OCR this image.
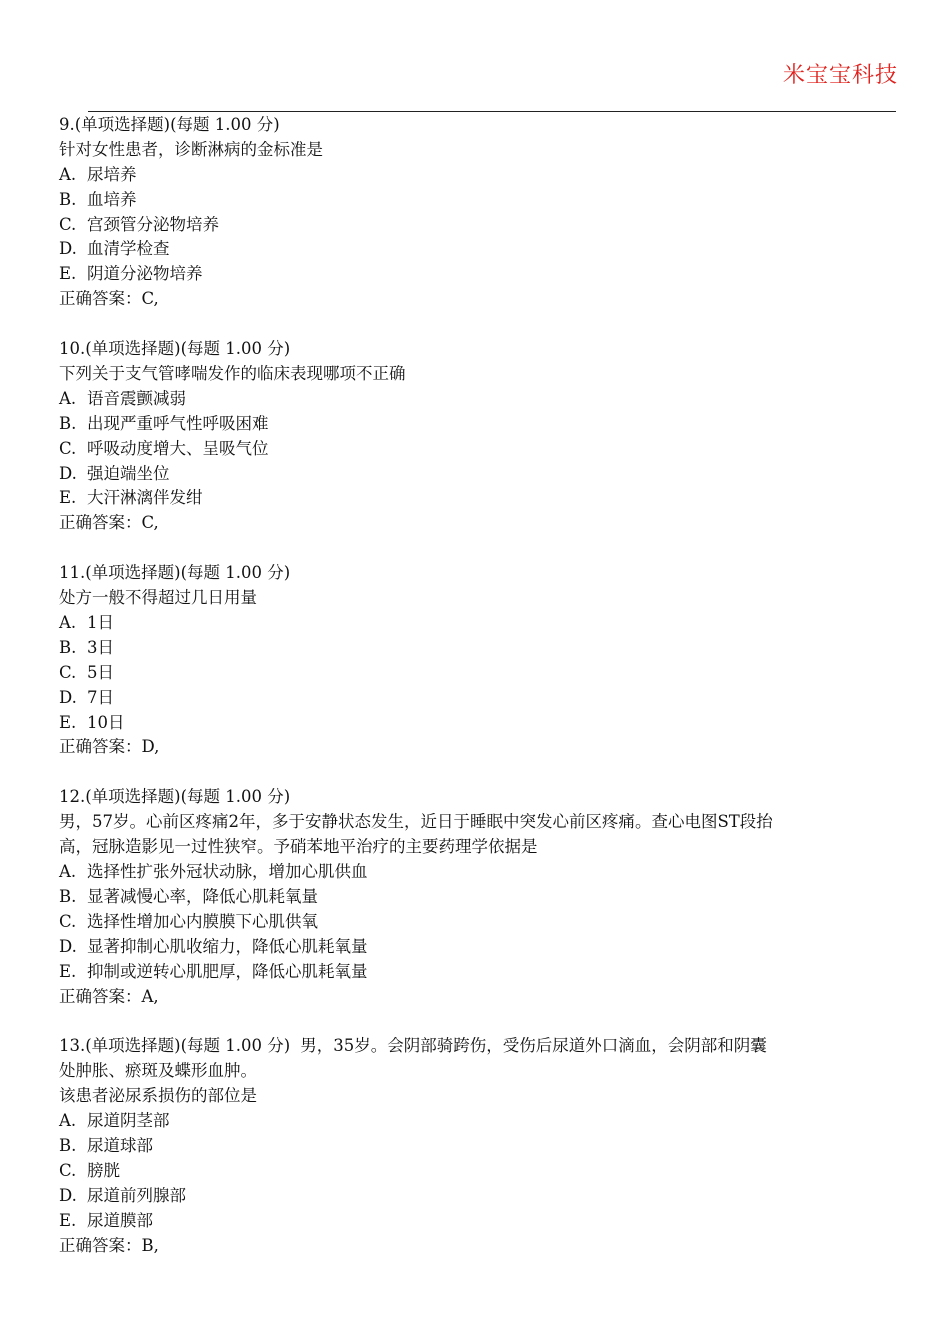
米宝宝科技
9.(单项选择题)(每题 1.00 分)
针对女性患者，诊断淋病的金标准是
A. 尿培养
B. 血培养
C. 宫颈管分泌物培养
D. 血清学检查
E. 阴道分泌物培养
正确答案：C,
10.(单项选择题)(每题 1.00 分)
下列关于支气管哮喘发作的临床表现哪项不正确
A. 语音震颤减弱
B. 出现严重呼气性呼吸困难
C. 呼吸动度增大、呈吸气位
D. 强迫端坐位
E. 大汗淋漓伴发绀
正确答案：C,
11.(单项选择题)(每题 1.00 分)
处方一般不得超过几日用量
A. 1日
B. 3日
C. 5日
D. 7日
E. 10日
正确答案：D,
12.(单项选择题)(每题 1.00 分)
男，57岁。心前区疼痛2年，多于安静状态发生，近日于睡眠中突发心前区疼痛。查心电图ST段抬
高，冠脉造影见一过性狭窄。予硝苯地平治疗的主要药理学依据是
A. 选择性扩张外冠状动脉，增加心肌供血
B. 显著减慢心率，降低心肌耗氧量
C. 选择性增加心内膜膜下心肌供氧
D. 显著抑制心肌收缩力，降低心肌耗氧量
E. 抑制或逆转心肌肥厚，降低心肌耗氧量
正确答案：A,
13.(单项选择题)(每题 1.00 分) 男，35岁。会阴部骑跨伤，受伤后尿道外口滴血，会阴部和阴囊
处肿胀、瘀斑及蝶形血肿。
该患者泌尿系损伤的部位是
A. 尿道阴茎部
B. 尿道球部
C. 膀胱
D. 尿道前列腺部
E. 尿道膜部
正确答案：B,
